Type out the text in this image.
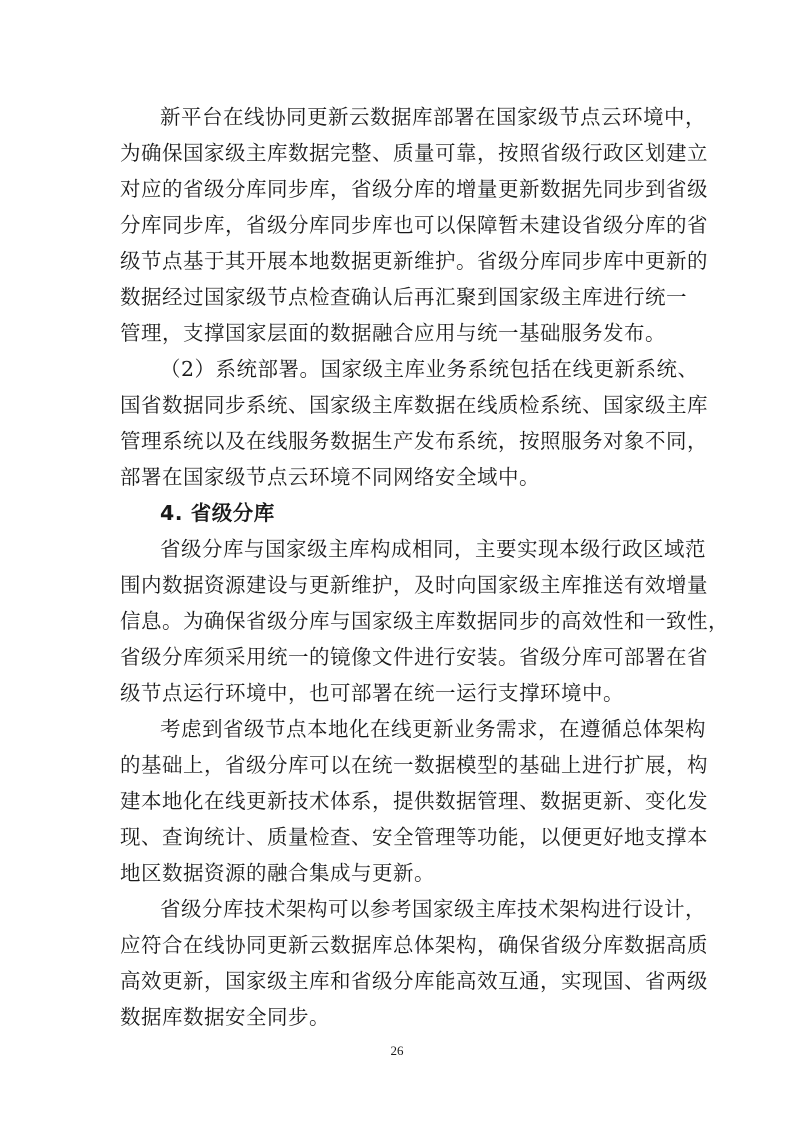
新平台在线协同更新云数据库部署在国家级节点云环境中，
为确保国家级主库数据完整、质量可靠，按照省级行政区划建立
对应的省级分库同步库，省级分库的增量更新数据先同步到省级
分库同步库，省级分库同步库也可以保障暂未建设省级分库的省
级节点基于其开展本地数据更新维护。省级分库同步库中更新的
数据经过国家级节点检查确认后再汇聚到国家级主库进行统一
管理，支撑国家层面的数据融合应用与统一基础服务发布。
（2）系统部署。国家级主库业务系统包括在线更新系统、
国省数据同步系统、国家级主库数据在线质检系统、国家级主库
管理系统以及在线服务数据生产发布系统，按照服务对象不同，
部署在国家级节点云环境不同网络安全域中。
4. 省级分库
省级分库与国家级主库构成相同，主要实现本级行政区域范
围内数据资源建设与更新维护，及时向国家级主库推送有效增量
信息。为确保省级分库与国家级主库数据同步的高效性和一致性，
省级分库须采用统一的镜像文件进行安装。省级分库可部署在省
级节点运行环境中，也可部署在统一运行支撑环境中。
考虑到省级节点本地化在线更新业务需求，在遵循总体架构
的基础上，省级分库可以在统一数据模型的基础上进行扩展，构
建本地化在线更新技术体系，提供数据管理、数据更新、变化发
现、查询统计、质量检查、安全管理等功能，以便更好地支撑本
地区数据资源的融合集成与更新。
省级分库技术架构可以参考国家级主库技术架构进行设计，
应符合在线协同更新云数据库总体架构，确保省级分库数据高质
高效更新，国家级主库和省级分库能高效互通，实现国、省两级
数据库数据安全同步。
26
